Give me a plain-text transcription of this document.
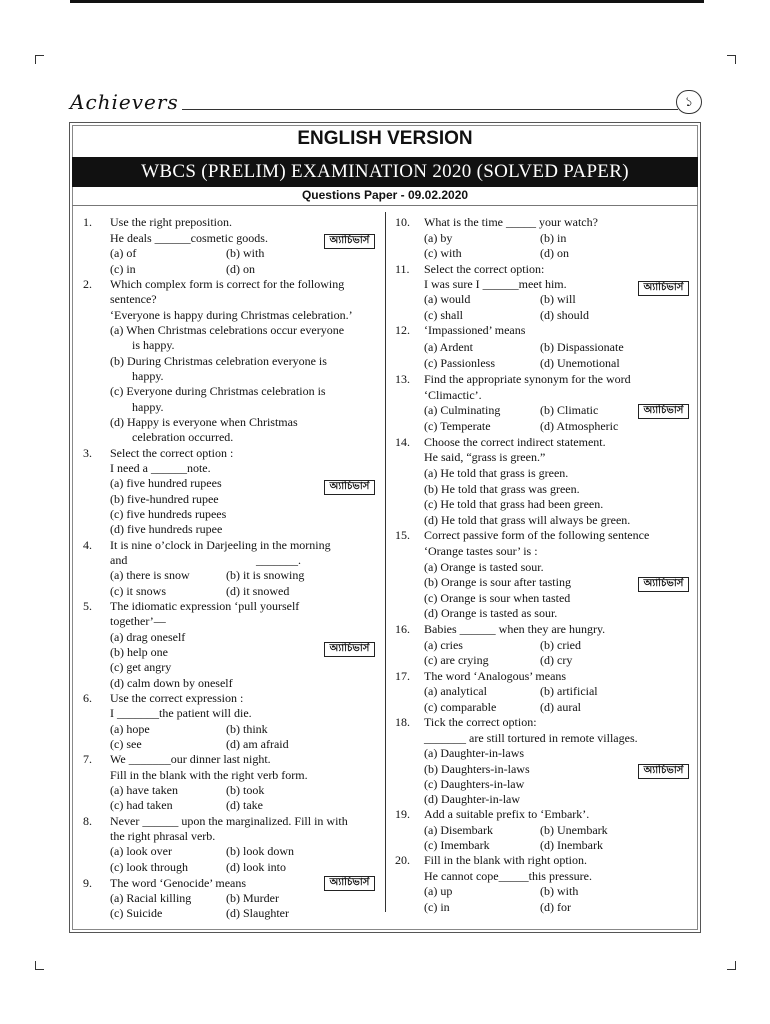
Achievers	১
ENGLISH VERSION
WBCS (PRELIM) EXAMINATION 2020 (SOLVED PAPER)
Questions Paper - 09.02.2020
1.
2.
3.
4.
5.
6.
7.
8.
9.
Use the right preposition.
He deals ______cosmetic goods.
(a) of	(b) with
(c) in	(d) on
Which complex form is correct for the following
sentence?
‘Everyone is happy during Christmas celebration.’
(a) When Christmas celebrations occur everyone
is happy.
(b) During Christmas celebration everyone is
happy.
(c) Everyone during Christmas celebration is
happy.
(d) Happy is everyone when Christmas
celebration occurred.
Select the correct option :
I need a ______note.
(a) five hundred rupees
(b) five-hundred rupee
(c) five hundreds rupees
(d) five hundreds rupee
It is nine o’clock in Darjeeling in the morning
and	_______.
(a) there is snow	(b) it is snowing
(c) it snows	(d) it snowed
The idiomatic expression ‘pull yourself
together’—
(a) drag oneself
(b) help one
(c) get angry
(d) calm down by oneself
Use the correct expression :
I _______the patient will die.
(a) hope	(b) think
(c) see	(d) am afraid
We _______our dinner last night.
Fill in the blank with the right verb form.
(a) have taken	(b) took
(c) had taken	(d) take
Never ______ upon the marginalized. Fill in with
the right phrasal verb.
(a) look over	(b) look down
(c) look through	(d) look into
The word ‘Genocide’ means
(a) Racial killing	(b) Murder
(c) Suicide	(d) Slaughter
10.
11.
12.
13.
14.
15.
16.
17.
18.
19.
20.
What is the time _____ your watch?
(a) by	(b) in
(c) with	(d) on
Select the correct option:
I was sure I ______meet him.
(a) would	(b) will
(c) shall	(d) should
‘Impassioned’ means
(a) Ardent	(b) Dispassionate
(c) Passionless	(d) Unemotional
Find the appropriate synonym for the word
‘Climactic’.
(a) Culminating	(b) Climatic
(c) Temperate	(d) Atmospheric
Choose the correct indirect statement.
He said, “grass is green.”
(a) He told that grass is green.
(b) He told that grass was green.
(c) He told that grass had been green.
(d) He told that grass will always be green.
Correct passive form of the following sentence
‘Orange tastes sour’ is :
(a) Orange is tasted sour.
(b) Orange is sour after tasting
(c) Orange is sour when tasted
(d) Orange is tasted as sour.
Babies ______ when they are hungry.
(a) cries	(b) cried
(c) are crying	(d) cry
The word ‘Analogous’ means
(a) analytical	(b) artificial
(c) comparable	(d) aural
Tick the correct option:
_______ are still tortured in remote villages.
(a) Daughter-in-laws
(b) Daughters-in-laws
(c) Daughters-in-law
(d) Daughter-in-law
Add a suitable prefix to ‘Embark’.
(a) Disembark	(b) Unembark
(c) Imembark	(d) Inembark
Fill in the blank with right option.
He cannot cope_____this pressure.
(a) up	(b) with
(c) in	(d) for
অ্যাচিভার্স
অ্যাচিভার্স
অ্যাচিভার্স
অ্যাচিভার্স
অ্যাচিভার্স
অ্যাচিভার্স
অ্যাচিভার্স
অ্যাচিভার্স
